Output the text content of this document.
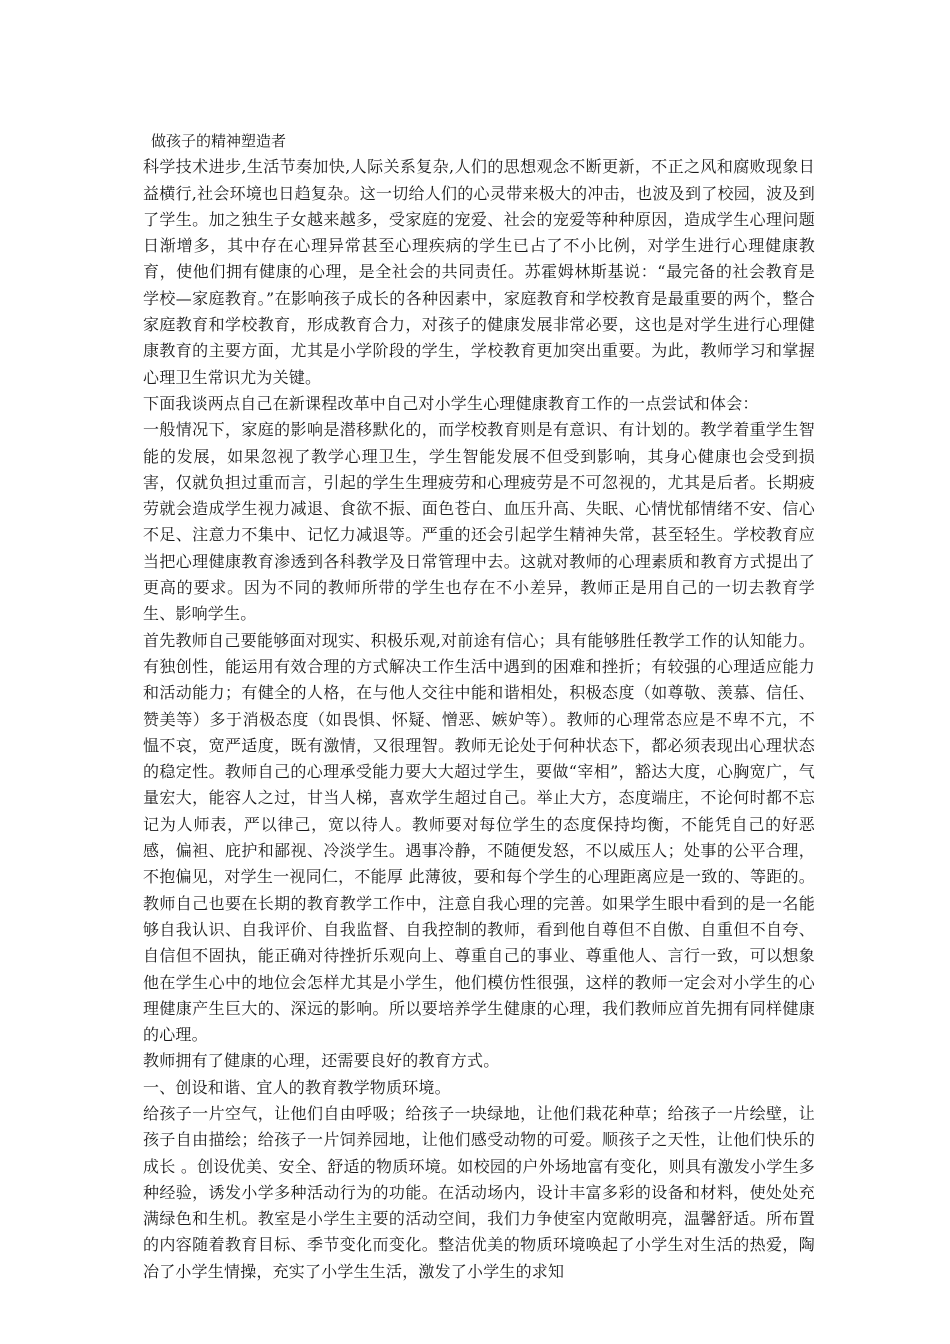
做孩子的精神塑造者

科学技术进步,生活节奏加快,人际关系复杂,人们的思想观念不断更新，不正之风和腐败现象日益横行,社会环境也日趋复杂。这一切给人们的心灵带来极大的冲击，也波及到了校园，波及到了学生。加之独生子女越来越多，受家庭的宠爱、社会的宠爱等种种原因，造成学生心理问题日渐增多，其中存在心理异常甚至心理疾病的学生已占了不小比例，对学生进行心理健康教育，使他们拥有健康的心理，是全社会的共同责任。苏霍姆林斯基说：“最完备的社会教育是学校—家庭教育。”在影响孩子成长的各种因素中，家庭教育和学校教育是最重要的两个，整合家庭教育和学校教育，形成教育合力，对孩子的健康发展非常必要，这也是对学生进行心理健康教育的主要方面，尤其是小学阶段的学生，学校教育更加突出重要。为此，教师学习和掌握心理卫生常识尤为关键。

下面我谈两点自己在新课程改革中自己对小学生心理健康教育工作的一点尝试和体会：

一般情况下，家庭的影响是潜移默化的，而学校教育则是有意识、有计划的。教学着重学生智能的发展，如果忽视了教学心理卫生，学生智能发展不但受到影响，其身心健康也会受到损害，仅就负担过重而言，引起的学生生理疲劳和心理疲劳是不可忽视的，尤其是后者。长期疲劳就会造成学生视力减退、食欲不振、面色苍白、血压升高、失眠、心情忧郁情绪不安、信心不足、注意力不集中、记忆力减退等。严重的还会引起学生精神失常，甚至轻生。学校教育应当把心理健康教育渗透到各科教学及日常管理中去。这就对教师的心理素质和教育方式提出了更高的要求。因为不同的教师所带的学生也存在不小差异，教师正是用自己的一切去教育学生、影响学生。

首先教师自己要能够面对现实、积极乐观,对前途有信心；具有能够胜任教学工作的认知能力。有独创性，能运用有效合理的方式解决工作生活中遇到的困难和挫折；有较强的心理适应能力和活动能力；有健全的人格，在与他人交往中能和谐相处，积极态度（如尊敬、羡慕、信任、赞美等）多于消极态度（如畏惧、怀疑、憎恶、嫉妒等）。教师的心理常态应是不卑不亢，不愠不哀，宽严适度，既有激情，又很理智。教师无论处于何种状态下，都必须表现出心理状态的稳定性。教师自己的心理承受能力要大大超过学生，要做“宰相”，豁达大度，心胸宽广，气量宏大，能容人之过，甘当人梯，喜欢学生超过自己。举止大方，态度端庄，不论何时都不忘记为人师表，严以律己，宽以待人。教师要对每位学生的态度保持均衡，不能凭自己的好恶感，偏袒、庇护和鄙视、冷淡学生。遇事冷静，不随便发怒，不以威压人；处事的公平合理，不抱偏见，对学生一视同仁，不能厚 此薄彼，要和每个学生的心理距离应是一致的、等距的。教师自己也要在长期的教育教学工作中，注意自我心理的完善。如果学生眼中看到的是一名能够自我认识、自我评价、自我监督、自我控制的教师，看到他自尊但不自傲、自重但不自夸、自信但不固执，能正确对待挫折乐观向上、尊重自己的事业、尊重他人、言行一致，可以想象他在学生心中的地位会怎样尤其是小学生，他们模仿性很强，这样的教师一定会对小学生的心理健康产生巨大的、深远的影响。所以要培养学生健康的心理，我们教师应首先拥有同样健康的心理。

教师拥有了健康的心理，还需要良好的教育方式。

一、创设和谐、宜人的教育教学物质环境。

给孩子一片空气，让他们自由呼吸；给孩子一块绿地，让他们栽花种草；给孩子一片绘壁，让孩子自由描绘；给孩子一片饲养园地，让他们感受动物的可爱。顺孩子之天性，让他们快乐的成长 。创设优美、安全、舒适的物质环境。如校园的户外场地富有变化，则具有激发小学生多种经验，诱发小学多种活动行为的功能。在活动场内，设计丰富多彩的设备和材料，使处处充满绿色和生机。教室是小学生主要的活动空间，我们力争使室内宽敞明亮，温馨舒适。所布置的内容随着教育目标、季节变化而变化。整洁优美的物质环境唤起了小学生对生活的热爱，陶冶了小学生情操，充实了小学生生活，激发了小学生的求知
